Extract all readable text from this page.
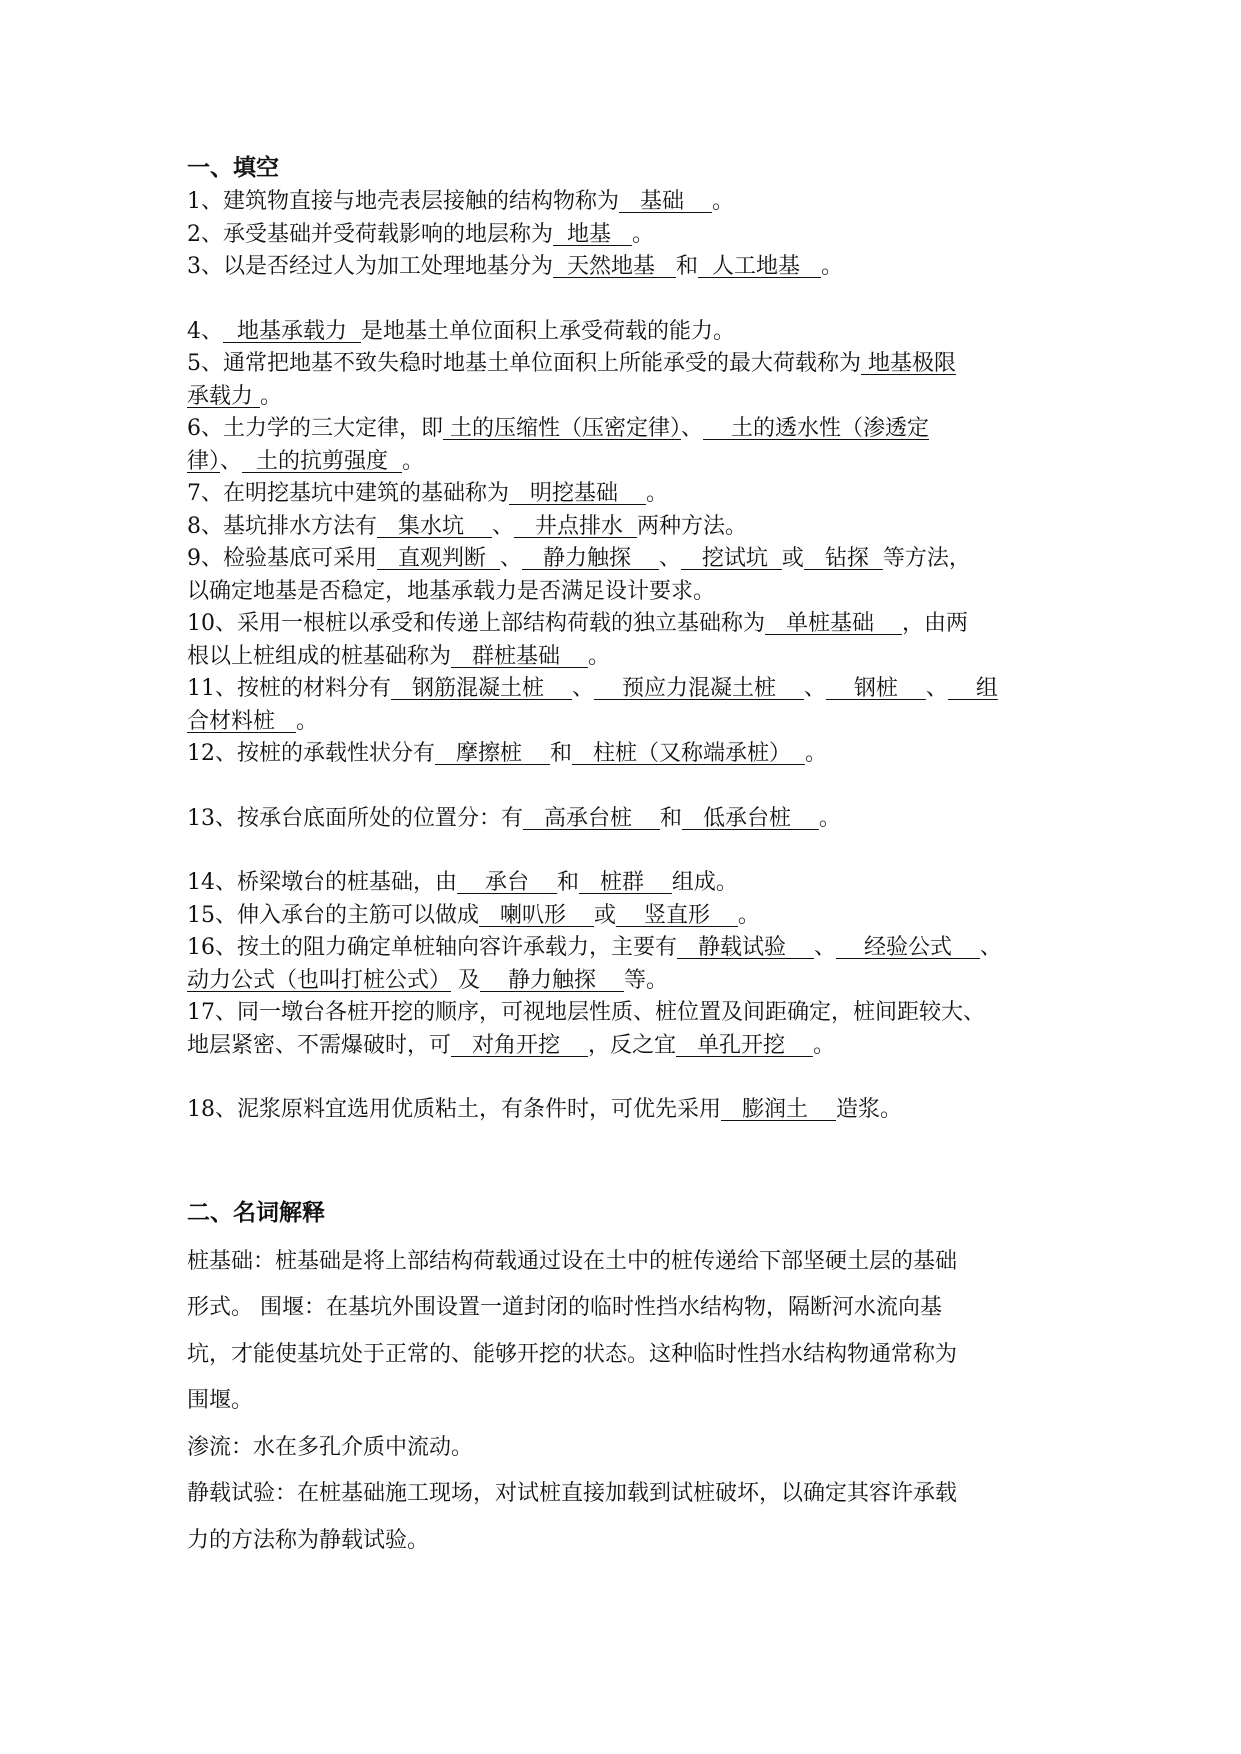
一、填空
1、建筑物直接与地壳表层接触的结构物称为   基础    。
2、承受基础并受荷载影响的地层称为  地基   。
3、以是否经过人为加工处理地基分为  天然地基   和  人工地基   。
4、  地基承载力  是地基土单位面积上承受荷载的能力。
5、通常把地基不致失稳时地基土单位面积上所能承受的最大荷载称为 地基极限
承载力 。
6、土力学的三大定律，即 土的压缩性（压密定律）、    土的透水性（渗透定
律）、  土的抗剪强度  。
7、在明挖基坑中建筑的基础称为   明挖基础    。
8、基坑排水方法有   集水坑    、   井点排水  两种方法。
9、检验基底可采用   直观判断  、   静力触探    、   挖试坑  或   钻探  等方法，
以确定地基是否稳定，地基承载力是否满足设计要求。
10、采用一根桩以承受和传递上部结构荷载的独立基础称为   单桩基础    ，由两
根以上桩组成的桩基础称为   群桩基础    。
11、按桩的材料分有   钢筋混凝土桩    、    预应力混凝土桩    、    钢桩    、    组
合材料桩   。
12、按桩的承载性状分有   摩擦桩    和   柱桩（又称端承桩）  。
13、按承台底面所处的位置分：有   高承台桩    和   低承台桩    。
14、桥梁墩台的桩基础，由    承台    和   桩群    组成。
15、伸入承台的主筋可以做成   喇叭形    或    竖直形    。
16、按土的阻力确定单桩轴向容许承载力，主要有   静载试验    、    经验公式    、
动力公式（也叫打桩公式） 及    静力触探    等。
17、同一墩台各桩开挖的顺序，可视地层性质、桩位置及间距确定，桩间距较大、
地层紧密、不需爆破时，可   对角开挖    ，反之宜   单孔开挖    。
18、泥浆原料宜选用优质粘土，有条件时，可优先采用   膨润土    造浆。
二、名词解释
桩基础：桩基础是将上部结构荷载通过设在土中的桩传递给下部坚硬土层的基础
形式。 围堰：在基坑外围设置一道封闭的临时性挡水结构物，隔断河水流向基
坑，才能使基坑处于正常的、能够开挖的状态。这种临时性挡水结构物通常称为
围堰。
渗流：水在多孔介质中流动。
静载试验：在桩基础施工现场，对试桩直接加载到试桩破坏，以确定其容许承载
力的方法称为静载试验。
